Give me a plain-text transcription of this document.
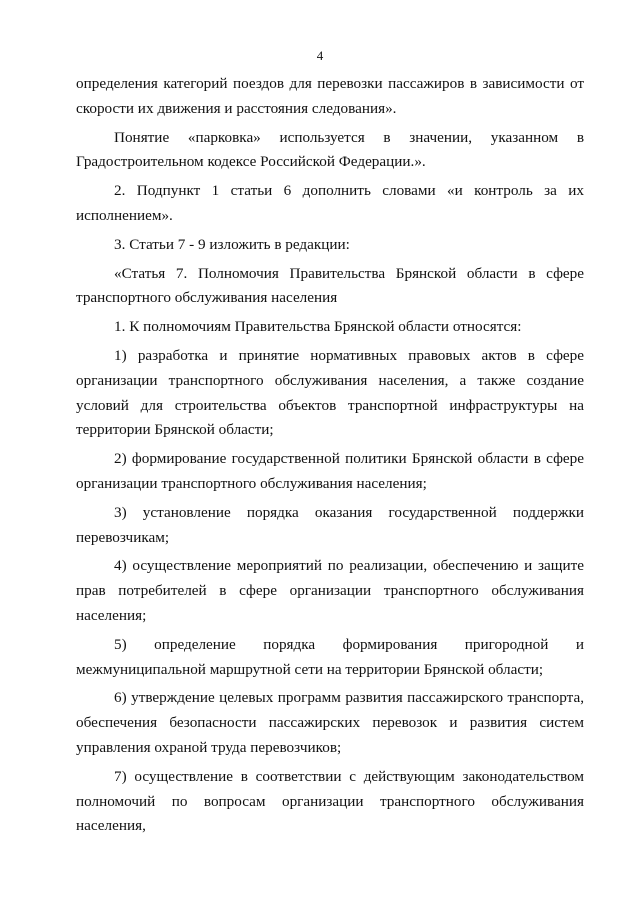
4

определения категорий поездов для перевозки пассажиров в зависимости от скорости их движения и расстояния следования».

Понятие «парковка» используется в значении, указанном в Градостроительном кодексе Российской Федерации.».

2. Подпункт 1 статьи 6 дополнить словами «и контроль за их исполнением».

3. Статьи 7 - 9 изложить в редакции:

«Статья 7. Полномочия Правительства Брянской области в сфере транспортного обслуживания населения

1. К полномочиям Правительства Брянской области относятся:

1) разработка и принятие нормативных правовых актов в сфере организации транспортного обслуживания населения, а также создание условий для строительства объектов транспортной инфраструктуры на территории Брянской области;

2) формирование государственной политики Брянской области в сфере организации транспортного обслуживания населения;

3) установление порядка оказания государственной поддержки перевозчикам;

4) осуществление мероприятий по реализации, обеспечению и защите прав потребителей в сфере организации транспортного обслуживания населения;

5) определение порядка формирования пригородной и межмуниципальной маршрутной сети на территории Брянской области;

6) утверждение целевых программ развития пассажирского транспорта, обеспечения безопасности пассажирских перевозок и развития систем управления охраной труда перевозчиков;

7) осуществление в соответствии с действующим законодательством полномочий по вопросам организации транспортного обслуживания населения,
